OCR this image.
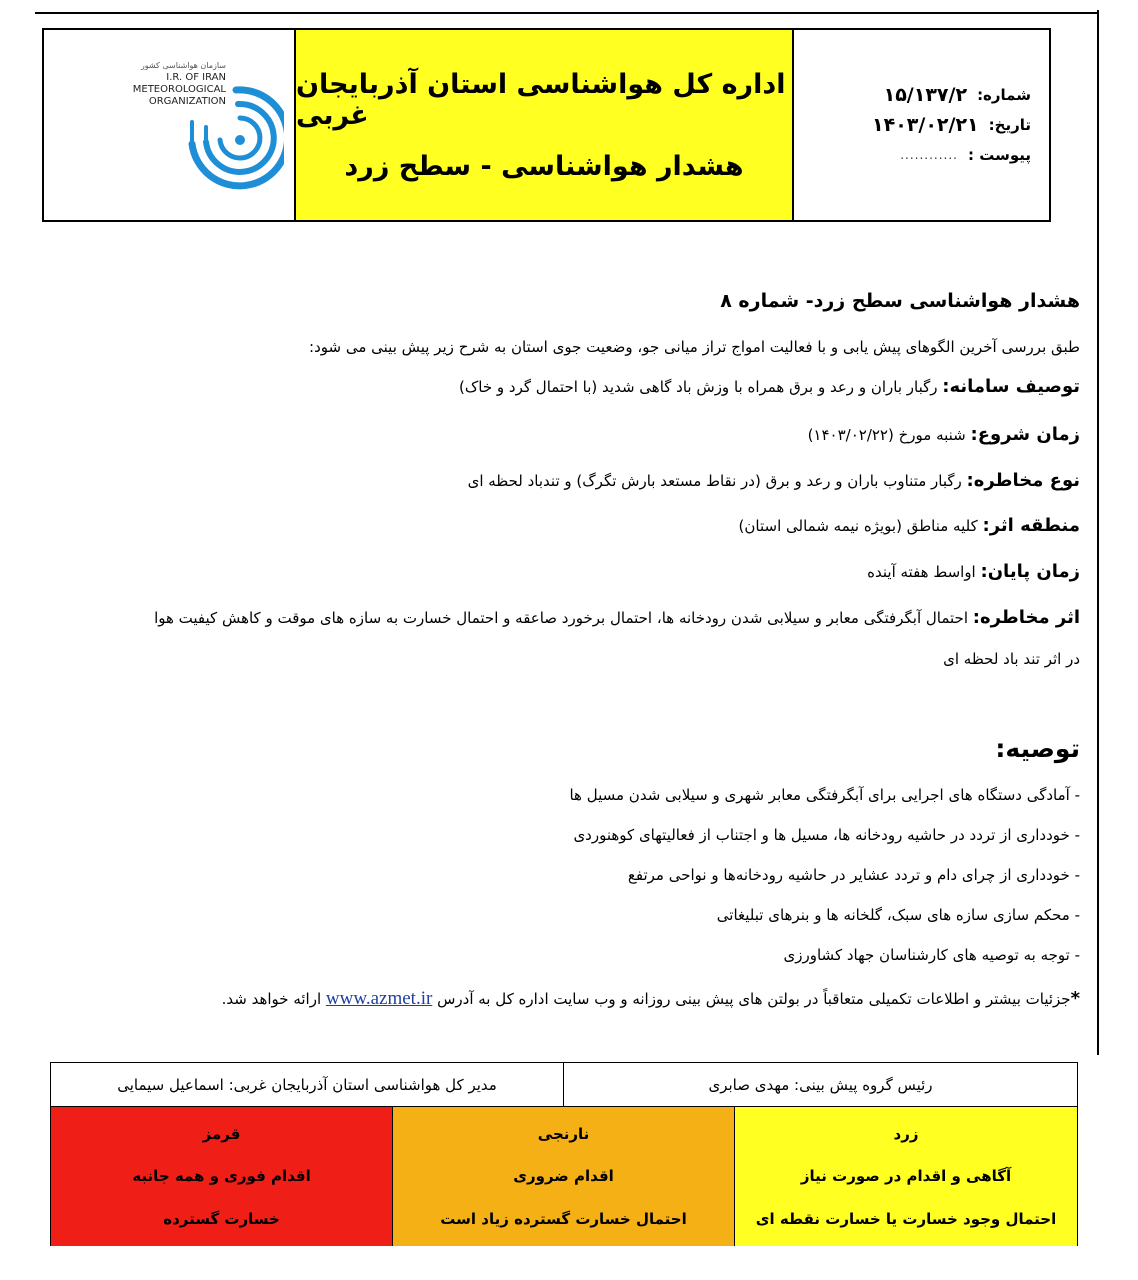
سازمان هواشناسی کشور
I.R. OF IRAN
METEOROLOGICAL
ORGANIZATION
اداره کل هواشناسی استان آذربایجان غربی
هشدار هواشناسی - سطح زرد
شماره:
۱۵/۱۳۷/۲
تاریخ:
۱۴۰۳/۰۲/۲۱
پیوست :
............
هشدار هواشناسی سطح زرد- شماره ۸
طبق بررسی آخرین الگوهای پیش یابی و با فعالیت امواج تراز میانی جو، وضعیت جوی استان به شرح زیر پیش بینی می شود:
توصیف سامانه: رگبار باران و رعد و برق همراه با وزش باد گاهی شدید (با احتمال گرد و خاک)
زمان شروع: شنبه مورخ (۱۴۰۳/۰۲/۲۲)
نوع مخاطره: رگبار متناوب باران و رعد و برق (در نقاط مستعد بارش تگرگ) و تندباد لحظه ای
منطقه اثر: کلیه مناطق (بویژه نیمه شمالی استان)
زمان پایان: اواسط هفته آینده
اثر مخاطره: احتمال آبگرفتگی معابر و سیلابی شدن رودخانه ها، احتمال برخورد صاعقه و احتمال خسارت به سازه های موقت و کاهش کیفیت هوا
در اثر تند باد لحظه ای
توصیه:
- آمادگی دستگاه های اجرایی برای آبگرفتگی معابر شهری و سیلابی شدن مسیل ها
- خودداری از تردد در حاشیه رودخانه ها، مسیل ها و اجتناب از فعالیتهای کوهنوردی
- خودداری از چرای دام و تردد عشایر در حاشیه رودخانه‌ها و نواحی مرتفع
- محکم سازی سازه های سبک، گلخانه ها و بنرهای تبلیغاتی
- توجه به توصیه های کارشناسان جهاد کشاورزی
*جزئیات بیشتر و اطلاعات تکمیلی متعاقباً در بولتن های پیش بینی روزانه و وب سایت اداره کل به آدرس www.azmet.ir ارائه خواهد شد.
رئیس گروه پیش بینی: مهدی صابری
مدیر کل هواشناسی استان آذربایجان غربی: اسماعیل سیمایی
زرد
آگاهی و اقدام در صورت نیاز
احتمال وجود خسارت یا خسارت نقطه ای
نارنجی
اقدام ضروری
احتمال خسارت گسترده زیاد است
قرمز
اقدام فوری و همه جانبه
خسارت گسترده
